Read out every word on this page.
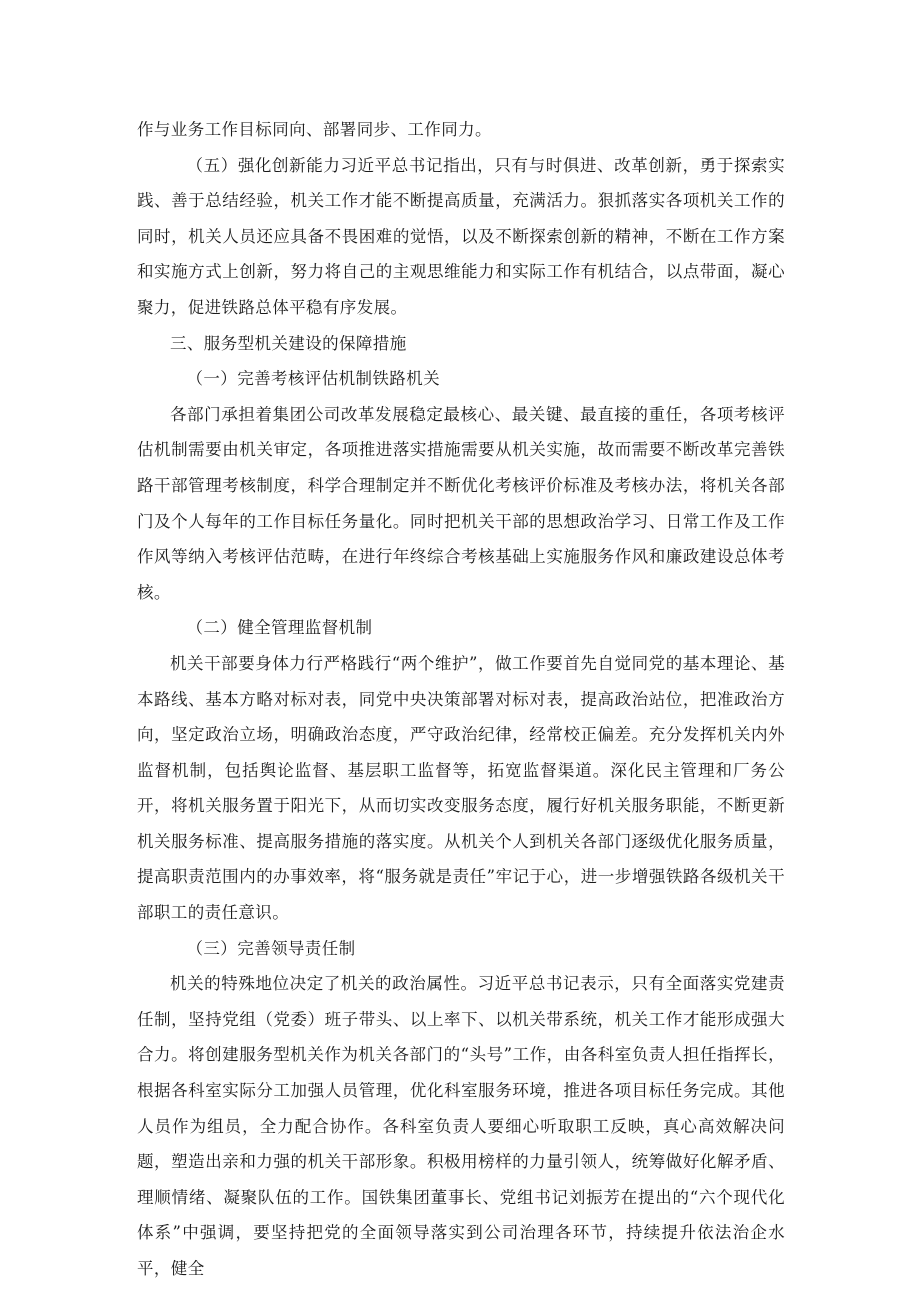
作与业务工作目标同向、部署同步、工作同力。

（五）强化创新能力习近平总书记指出，只有与时俱进、改革创新，勇于探索实践、善于总结经验，机关工作才能不断提高质量，充满活力。狠抓落实各项机关工作的同时，机关人员还应具备不畏困难的觉悟，以及不断探索创新的精神，不断在工作方案和实施方式上创新，努力将自己的主观思维能力和实际工作有机结合，以点带面，凝心聚力，促进铁路总体平稳有序发展。

三、服务型机关建设的保障措施

（一）完善考核评估机制铁路机关

各部门承担着集团公司改革发展稳定最核心、最关键、最直接的重任，各项考核评估机制需要由机关审定，各项推进落实措施需要从机关实施，故而需要不断改革完善铁路干部管理考核制度，科学合理制定并不断优化考核评价标准及考核办法，将机关各部门及个人每年的工作目标任务量化。同时把机关干部的思想政治学习、日常工作及工作作风等纳入考核评估范畴，在进行年终综合考核基础上实施服务作风和廉政建设总体考核。

（二）健全管理监督机制

机关干部要身体力行严格践行“两个维护”，做工作要首先自觉同党的基本理论、基本路线、基本方略对标对表，同党中央决策部署对标对表，提高政治站位，把准政治方向，坚定政治立场，明确政治态度，严守政治纪律，经常校正偏差。充分发挥机关内外监督机制，包括舆论监督、基层职工监督等，拓宽监督渠道。深化民主管理和厂务公开，将机关服务置于阳光下，从而切实改变服务态度，履行好机关服务职能，不断更新机关服务标准、提高服务措施的落实度。从机关个人到机关各部门逐级优化服务质量，提高职责范围内的办事效率，将“服务就是责任”牢记于心，进一步增强铁路各级机关干部职工的责任意识。

（三）完善领导责任制

机关的特殊地位决定了机关的政治属性。习近平总书记表示，只有全面落实党建责任制，坚持党组（党委）班子带头、以上率下、以机关带系统，机关工作才能形成强大合力。将创建服务型机关作为机关各部门的“头号”工作，由各科室负责人担任指挥长，根据各科室实际分工加强人员管理，优化科室服务环境，推进各项目标任务完成。其他人员作为组员，全力配合协作。各科室负责人要细心听取职工反映，真心高效解决问题，塑造出亲和力强的机关干部形象。积极用榜样的力量引领人，统筹做好化解矛盾、理顺情绪、凝聚队伍的工作。国铁集团董事长、党组书记刘振芳在提出的“六个现代化体系”中强调，要坚持把党的全面领导落实到公司治理各环节，持续提升依法治企水平，健全
